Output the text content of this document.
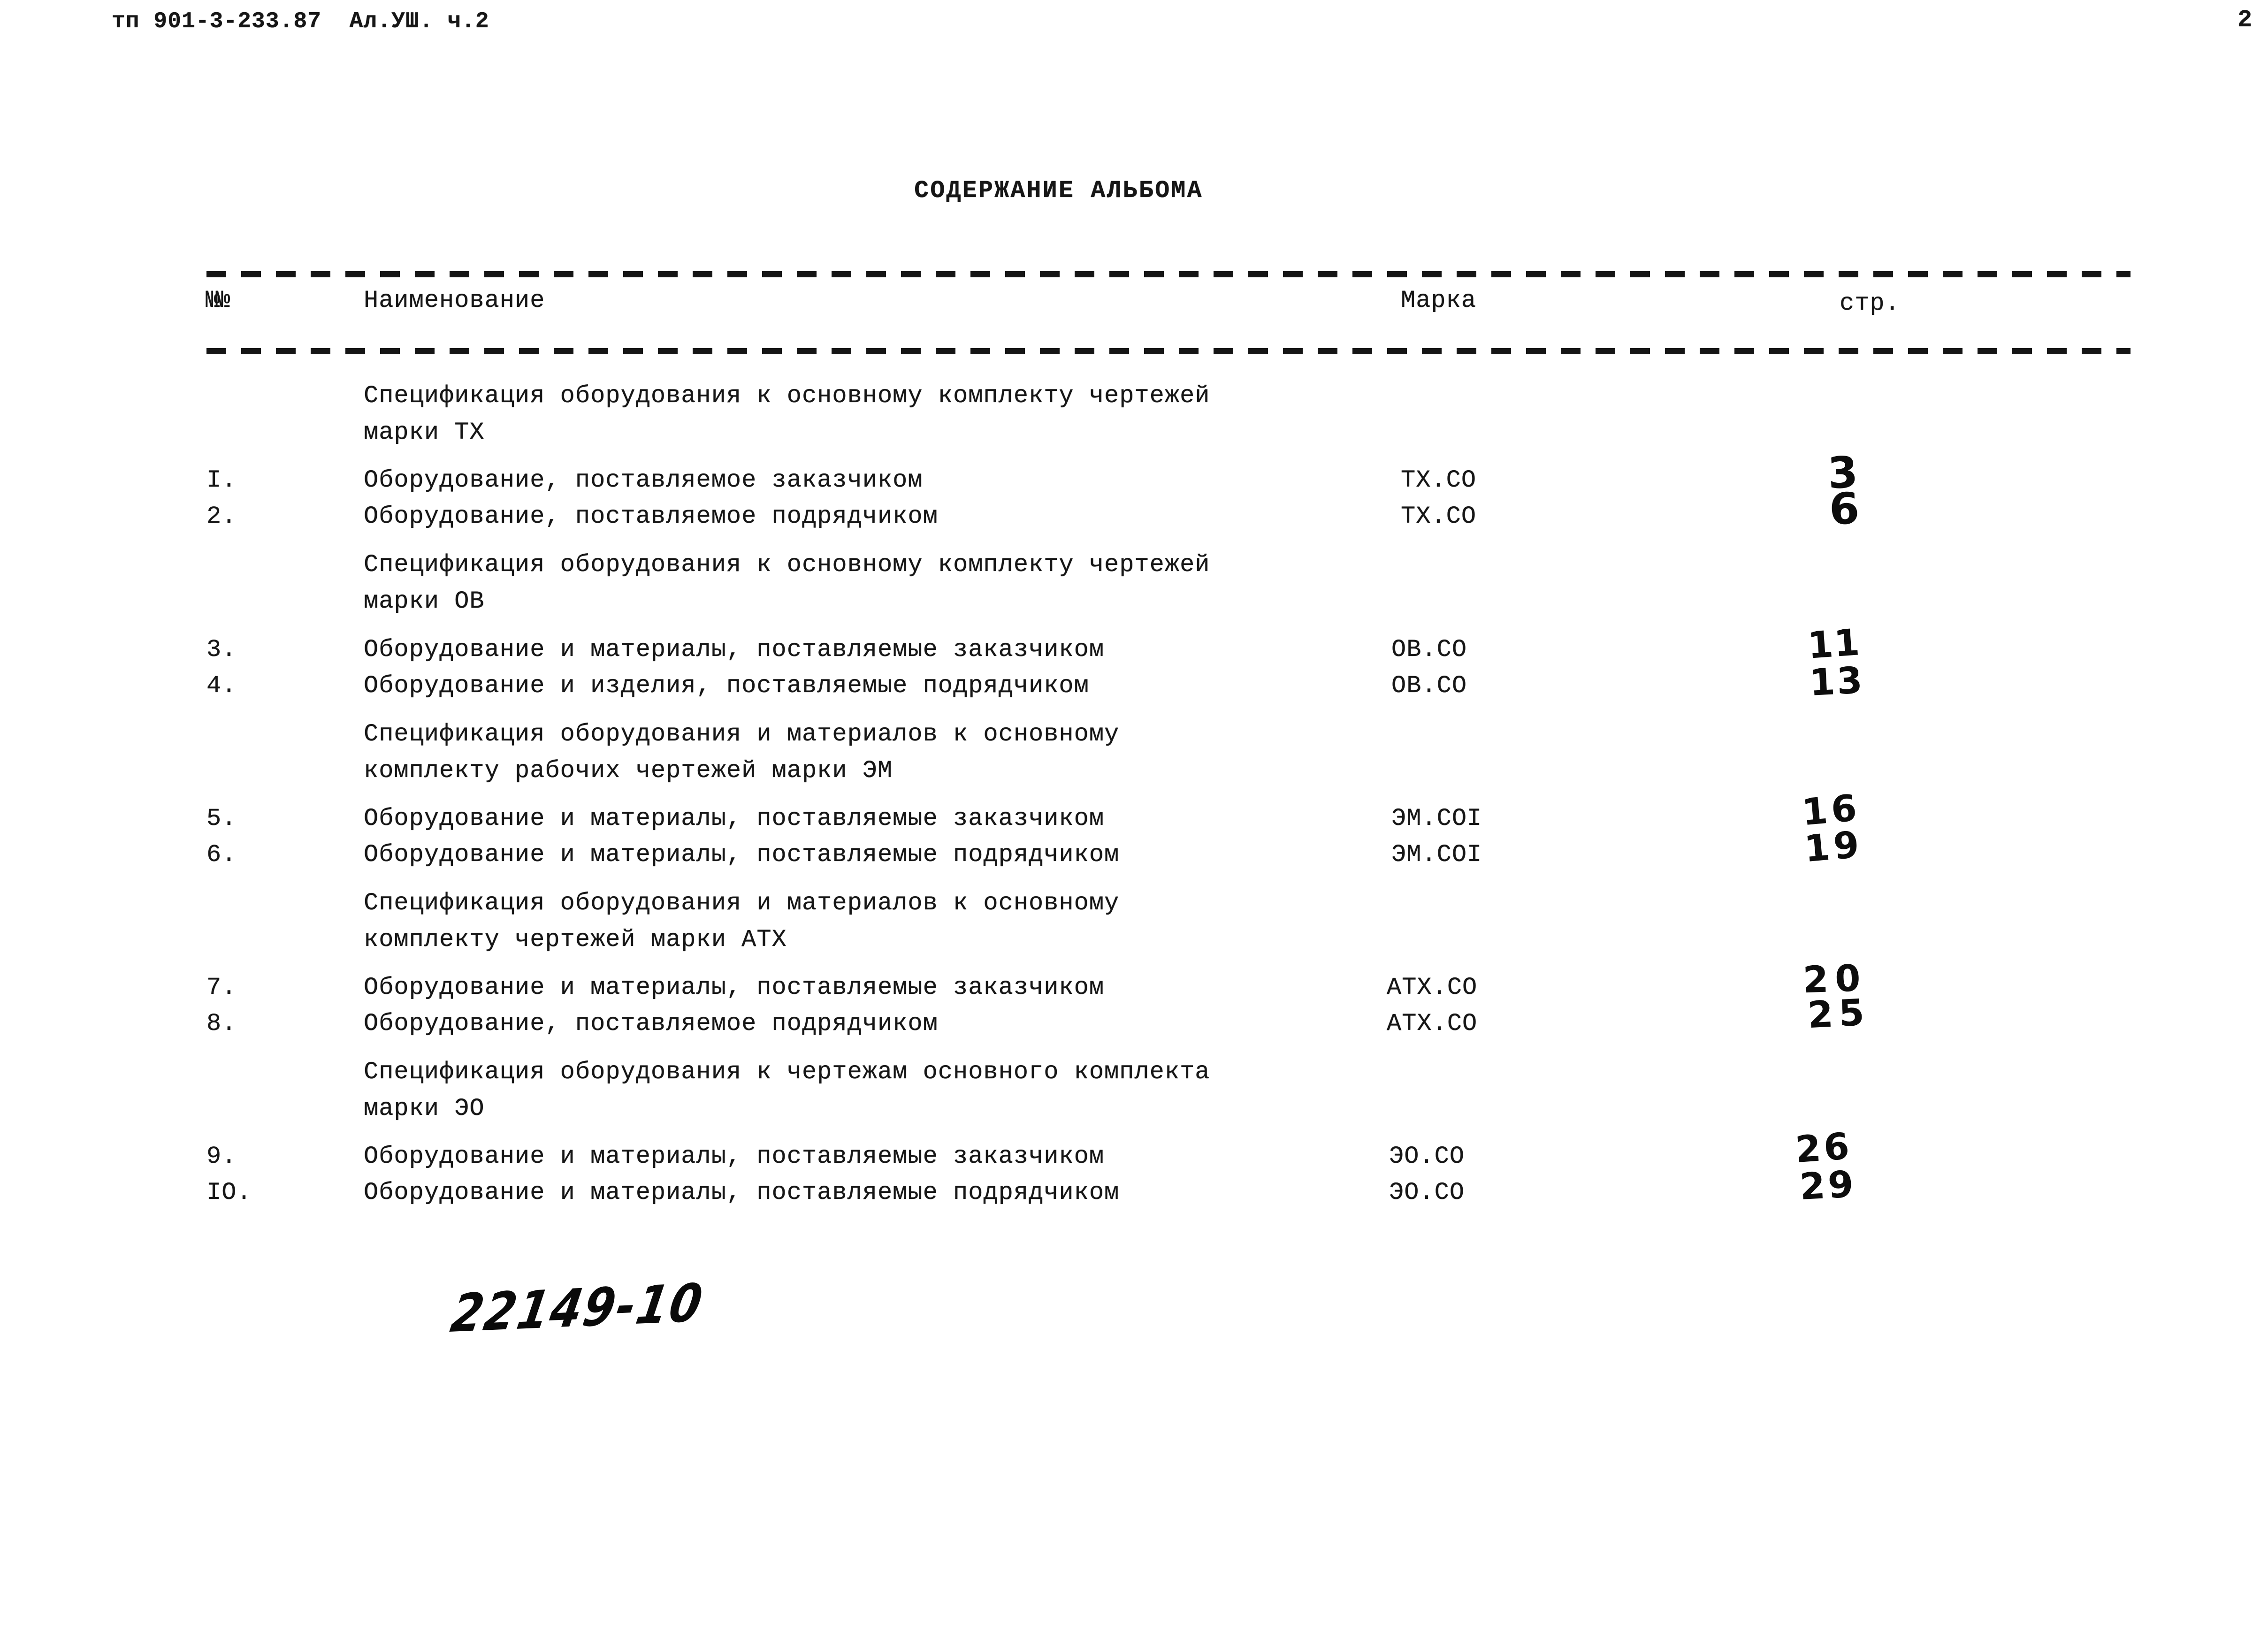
тп 901-3-233.87  Ал.УШ. ч.2	2
СОДЕРЖАНИЕ АЛЬБОМА
№№	Наименование	Марка	стр.
Спецификация оборудования к основному комплекту чертежей
марки ТХ
I.	Оборудование, поставляемое заказчиком	ТХ.СО	3
2.	Оборудование, поставляемое подрядчиком	ТХ.СО	6
Спецификация оборудования к основному комплекту чертежей
марки ОВ
3.	Оборудование и материалы, поставляемые заказчиком	ОВ.СО	11
4.	Оборудование и изделия, поставляемые подрядчиком	ОВ.СО	13
Спецификация оборудования и материалов к основному
комплекту рабочих чертежей марки ЭМ
5.	Оборудование и материалы, поставляемые заказчиком	ЭМ.СОI	16
6.	Оборудование и материалы, поставляемые подрядчиком	ЭМ.СОI	19
Спецификация оборудования и материалов к основному
комплекту чертежей марки АТХ
7.	Оборудование и материалы, поставляемые заказчиком	АТХ.СО	20
8.	Оборудование, поставляемое подрядчиком	АТХ.СО	25
Спецификация оборудования к чертежам основного комплекта
марки ЭО
9.	Оборудование и материалы, поставляемые заказчиком	ЭО.СО	26
IO.	Оборудование и материалы, поставляемые подрядчиком	ЭО.СО	29
22149-10
